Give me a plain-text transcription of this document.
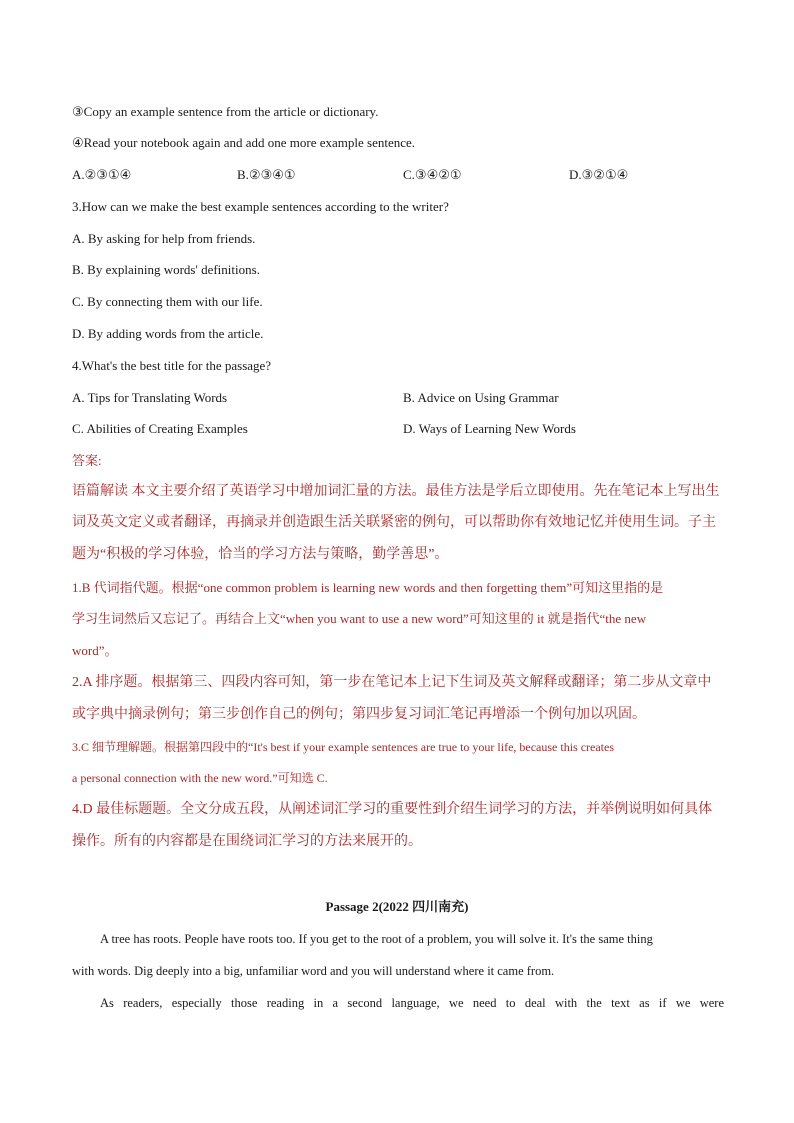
③Copy an example sentence from the article or dictionary.
④Read your notebook again and add one more example sentence.
A.②③①④	B.②③④①	C.③④②①	D.③②①④
3.How can we make the best example sentences according to the writer?
A. By asking for help from friends.
B. By explaining words' definitions.
C. By connecting them with our life.
D. By adding words from the article.
4.What's the best title for the passage?
A. Tips for Translating Words	B. Advice on Using Grammar
C. Abilities of Creating Examples	D. Ways of Learning New Words
答案:
语篇解读 本文主要介绍了英语学习中增加词汇量的方法。最佳方法是学后立即使用。先在笔记本上写出生
词及英文定义或者翻译，再摘录并创造跟生活关联紧密的例句，可以帮助你有效地记忆并使用生词。子主
题为“积极的学习体验，恰当的学习方法与策略，勤学善思”。
1.B 代词指代题。根据“one common problem is learning new words and then forgetting them”可知这里指的是
学习生词然后又忘记了。再结合上文“when you want to use a new word”可知这里的 it 就是指代“the new
word”。
2.A 排序题。根据第三、四段内容可知，第一步在笔记本上记下生词及英文解释或翻译；第二步从文章中
或字典中摘录例句；第三步创作自己的例句；第四步复习词汇笔记再增添一个例句加以巩固。
3.C 细节理解题。根据第四段中的“It's best if your example sentences are true to your life, because this creates
a personal connection with the new word.”可知选 C.
4.D 最佳标题题。全文分成五段，从阐述词汇学习的重要性到介绍生词学习的方法，并举例说明如何具体
操作。所有的内容都是在围绕词汇学习的方法来展开的。
Passage 2(2022 四川南充)
A tree has roots. People have roots too. If you get to the root of a problem, you will solve it. It's the same thing
with words. Dig deeply into a big, unfamiliar word and you will understand where it came from.
As readers, especially those reading in a second language, we need to deal with the text as if we were
